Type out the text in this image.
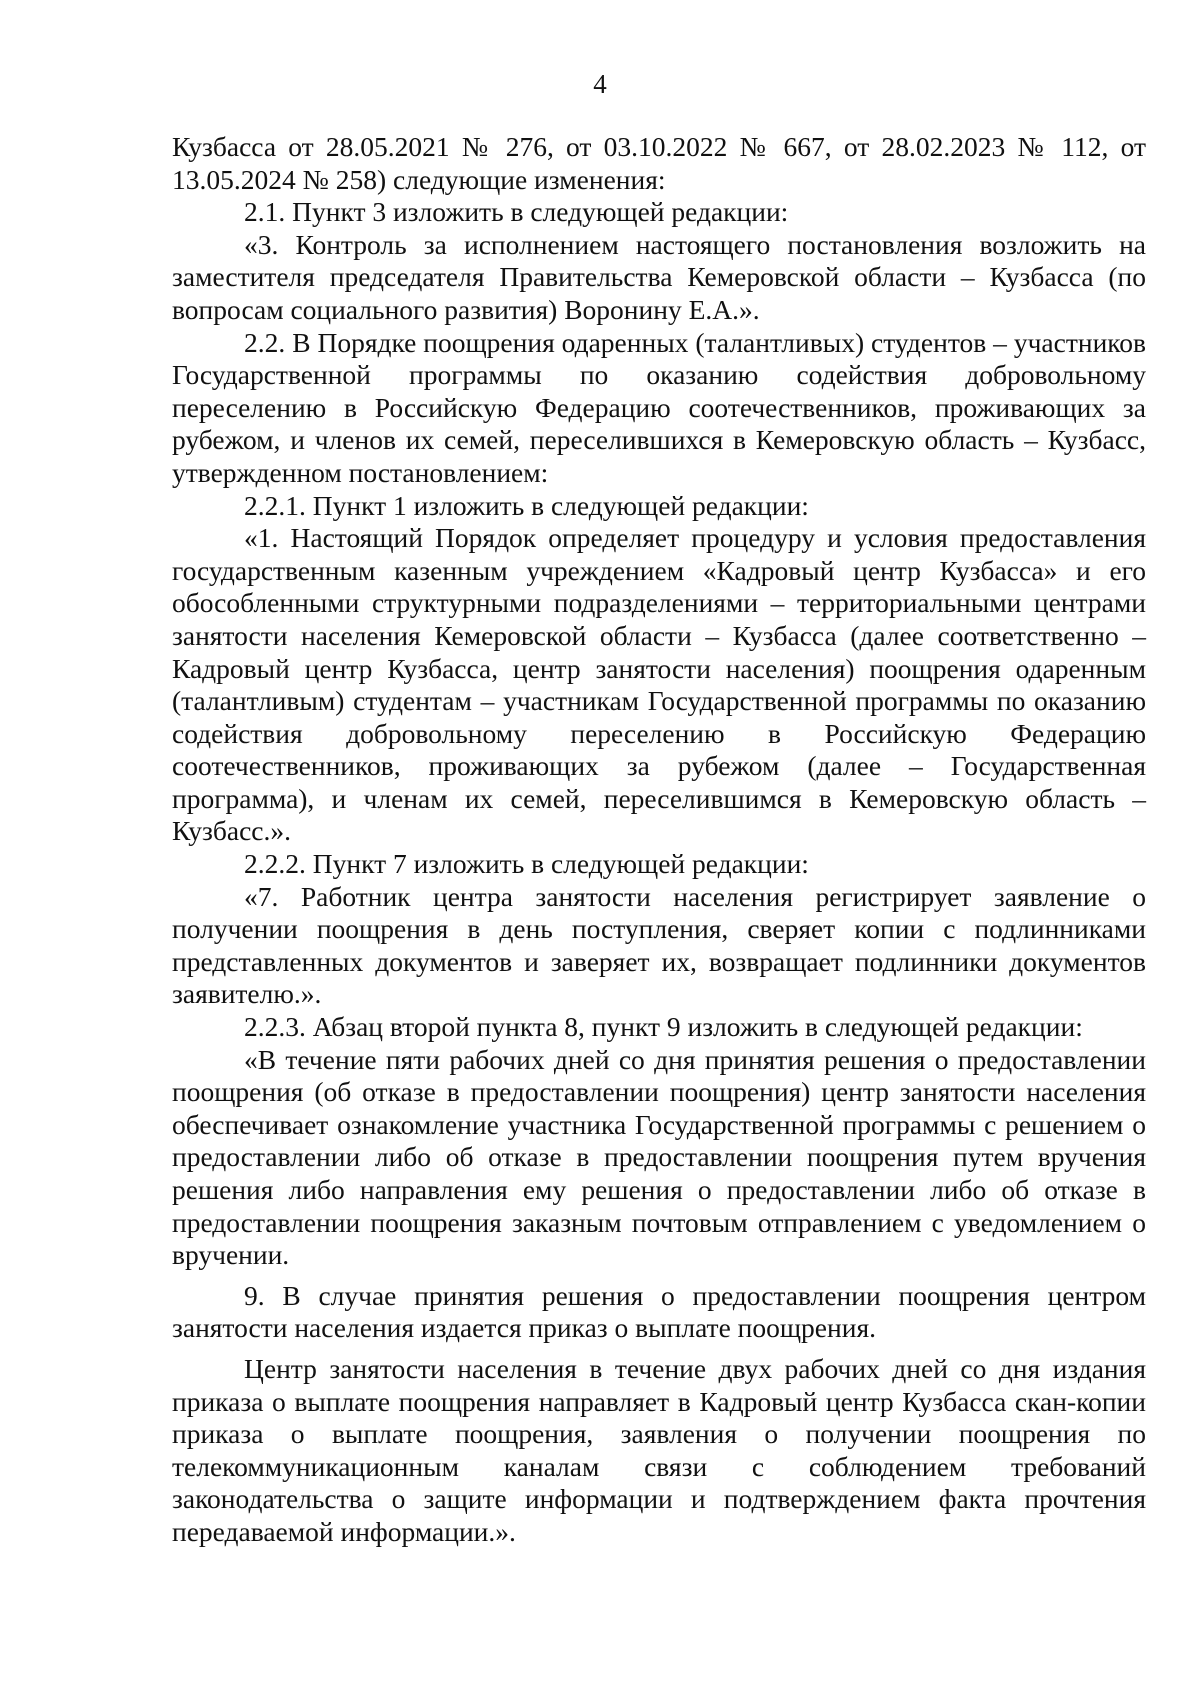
4

Кузбасса от 28.05.2021 № 276, от 03.10.2022 № 667, от 28.02.2023 № 112, от 13.05.2024 № 258) следующие изменения:

2.1. Пункт 3 изложить в следующей редакции:

«3. Контроль за исполнением настоящего постановления возложить на заместителя председателя Правительства Кемеровской области – Кузбасса (по вопросам социального развития) Воронину Е.А.».

2.2. В Порядке поощрения одаренных (талантливых) студентов – участников Государственной программы по оказанию содействия добровольному переселению в Российскую Федерацию соотечественников, проживающих за рубежом, и членов их семей, переселившихся в Кемеровскую область – Кузбасс, утвержденном постановлением:

2.2.1. Пункт 1 изложить в следующей редакции:

«1. Настоящий Порядок определяет процедуру и условия предоставления государственным казенным учреждением «Кадровый центр Кузбасса» и его обособленными структурными подразделениями – территориальными центрами занятости населения Кемеровской области – Кузбасса (далее соответственно – Кадровый центр Кузбасса, центр занятости населения) поощрения одаренным (талантливым) студентам – участникам Государственной программы по оказанию содействия добровольному переселению в Российскую Федерацию соотечественников, проживающих за рубежом (далее – Государственная программа), и членам их семей, переселившимся в Кемеровскую область – Кузбасс.».

2.2.2. Пункт 7 изложить в следующей редакции:

«7. Работник центра занятости населения регистрирует заявление о получении поощрения в день поступления, сверяет копии с подлинниками представленных документов и заверяет их, возвращает подлинники документов заявителю.».

2.2.3. Абзац второй пункта 8, пункт 9 изложить в следующей редакции:

«В течение пяти рабочих дней со дня принятия решения о предоставлении поощрения (об отказе в предоставлении поощрения) центр занятости населения обеспечивает ознакомление участника Государственной программы с решением о предоставлении либо об отказе в предоставлении поощрения путем вручения решения либо направления ему решения о предоставлении либо об отказе в предоставлении поощрения заказным почтовым отправлением с уведомлением о вручении.

9. В случае принятия решения о предоставлении поощрения центром занятости населения издается приказ о выплате поощрения.

Центр занятости населения в течение двух рабочих дней со дня издания приказа о выплате поощрения направляет в Кадровый центр Кузбасса скан-копии приказа о выплате поощрения, заявления о получении поощрения по телекоммуникационным каналам связи с соблюдением требований законодательства о защите информации и подтверждением факта прочтения передаваемой информации.».
